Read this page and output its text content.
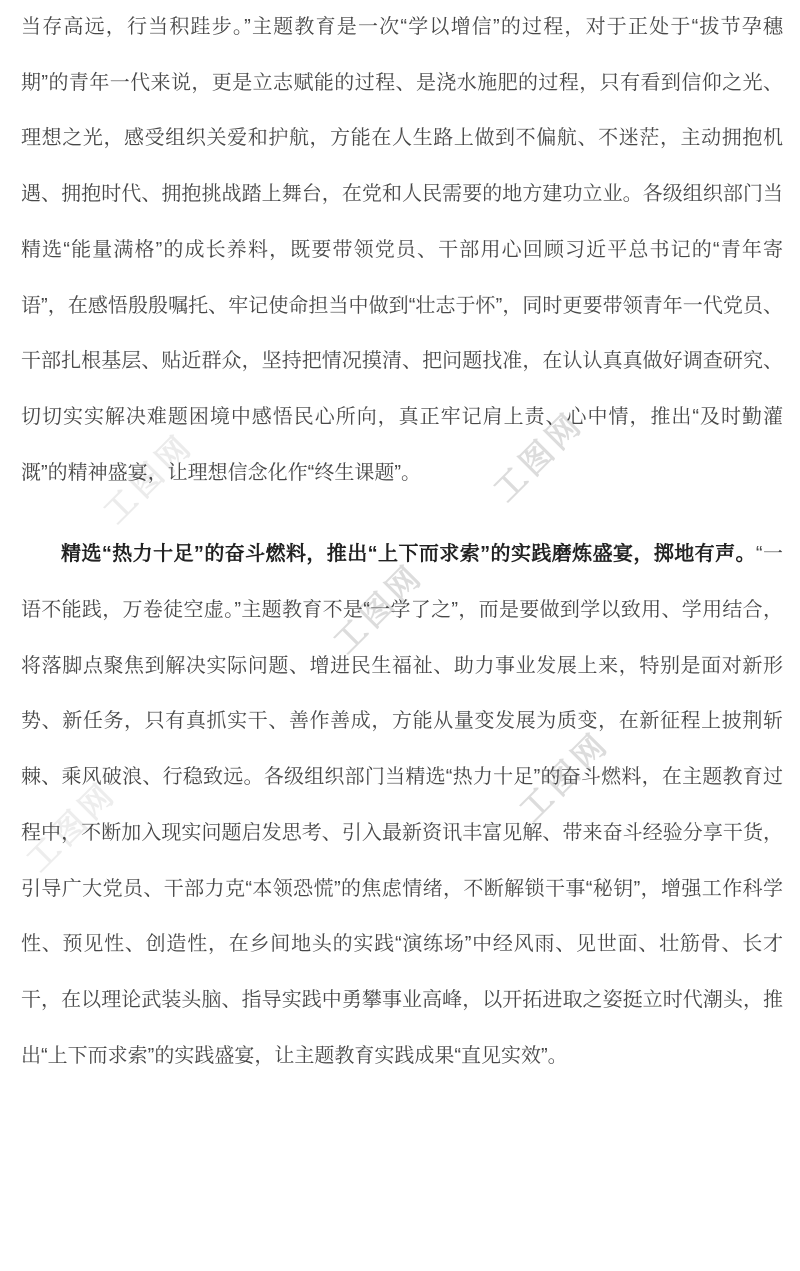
工图网
工图网
工图网
工图网
工图网

当存高远，行当积跬步。”主题教育是一次“学以增信”的过程，对于正处于“拔节孕穗期”的青年一代来说，更是立志赋能的过程、是浇水施肥的过程，只有看到信仰之光、理想之光，感受组织关爱和护航，方能在人生路上做到不偏航、不迷茫，主动拥抱机遇、拥抱时代、拥抱挑战踏上舞台，在党和人民需要的地方建功立业。各级组织部门当精选“能量满格”的成长养料，既要带领党员、干部用心回顾习近平总书记的“青年寄语”，在感悟殷殷嘱托、牢记使命担当中做到“壮志于怀”，同时更要带领青年一代党员、干部扎根基层、贴近群众，坚持把情况摸清、把问题找准，在认认真真做好调查研究、切切实实解决难题困境中感悟民心所向，真正牢记肩上责、心中情，推出“及时勤灌溉”的精神盛宴，让理想信念化作“终生课题”。

精选“热力十足”的奋斗燃料，推出“上下而求索”的实践磨炼盛宴，掷地有声。“一语不能践，万卷徒空虚。”主题教育不是“一学了之”，而是要做到学以致用、学用结合，将落脚点聚焦到解决实际问题、增进民生福祉、助力事业发展上来，特别是面对新形势、新任务，只有真抓实干、善作善成，方能从量变发展为质变，在新征程上披荆斩棘、乘风破浪、行稳致远。各级组织部门当精选“热力十足”的奋斗燃料，在主题教育过程中，不断加入现实问题启发思考、引入最新资讯丰富见解、带来奋斗经验分享干货，引导广大党员、干部力克“本领恐慌”的焦虑情绪，不断解锁干事“秘钥”，增强工作科学性、预见性、创造性，在乡间地头的实践“演练场”中经风雨、见世面、壮筋骨、长才干，在以理论武装头脑、指导实践中勇攀事业高峰，以开拓进取之姿挺立时代潮头，推出“上下而求索”的实践盛宴，让主题教育实践成果“直见实效”。
